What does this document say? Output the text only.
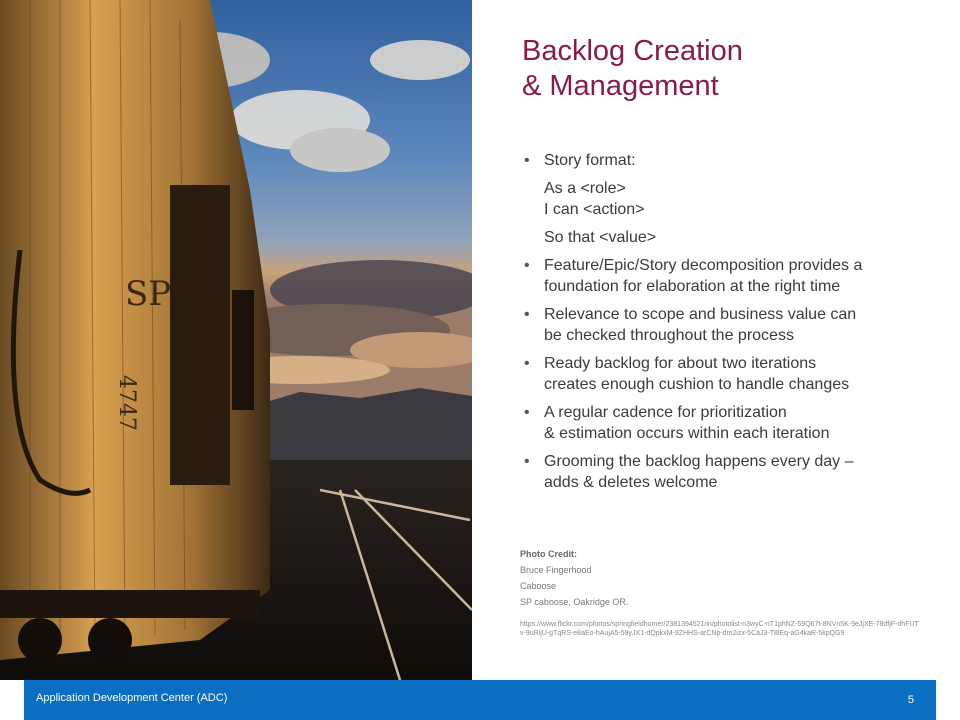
SP
4747
Backlog Creation
& Management
• Story format:
As a <role>
I can <action>
So that <value>
• Feature/Epic/Story decomposition provides a
foundation for elaboration at the right time
• Relevance to scope and business value can
be checked throughout the process
• Ready backlog for about two iterations
creates enough cushion to handle changes
• A regular cadence for prioritization
& estimation occurs within each iteration
• Grooming the backlog happens every day –
adds & deletes welcome
Photo Credit:
Bruce Fingerhood
Caboose
SP caboose, Oakridge OR.
https://www.flickr.com/photos/springfieldhomer/2381394521/in/photolist-n3wyC-nT1phNZ-59Q67t-8NVn5K-9eJjXE-78dfjF-dhFUTv-9uRijU-gTqRS-e8aEo-hAujA5-59yJX1-dQpkxM-9ZHHS-arCNp-dm2izx-5CaJ3-T8lEq-aG4kaR-5kpQG9
Application Development Center (ADC)	5
